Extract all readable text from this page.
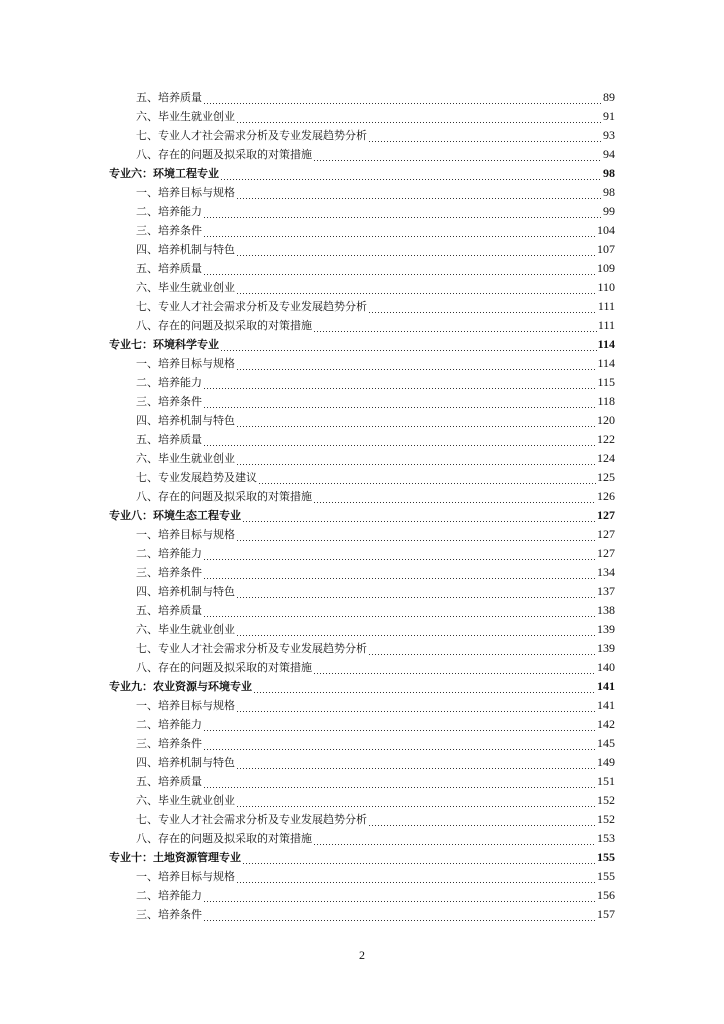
五、培养质量	89
六、毕业生就业创业	91
七、专业人才社会需求分析及专业发展趋势分析	93
八、存在的问题及拟采取的对策措施	94
专业六：环境工程专业	98
一、培养目标与规格	98
二、培养能力	99
三、培养条件	104
四、培养机制与特色	107
五、培养质量	109
六、毕业生就业创业	110
七、专业人才社会需求分析及专业发展趋势分析	111
八、存在的问题及拟采取的对策措施	111
专业七：环境科学专业	114
一、培养目标与规格	114
二、培养能力	115
三、培养条件	118
四、培养机制与特色	120
五、培养质量	122
六、毕业生就业创业	124
七、专业发展趋势及建议	125
八、存在的问题及拟采取的对策措施	126
专业八：环境生态工程专业	127
一、培养目标与规格	127
二、培养能力	127
三、培养条件	134
四、培养机制与特色	137
五、培养质量	138
六、毕业生就业创业	139
七、专业人才社会需求分析及专业发展趋势分析	139
八、存在的问题及拟采取的对策措施	140
专业九：农业资源与环境专业	141
一、培养目标与规格	141
二、培养能力	142
三、培养条件	145
四、培养机制与特色	149
五、培养质量	151
六、毕业生就业创业	152
七、专业人才社会需求分析及专业发展趋势分析	152
八、存在的问题及拟采取的对策措施	153
专业十：土地资源管理专业	155
一、培养目标与规格	155
二、培养能力	156
三、培养条件	157
2
